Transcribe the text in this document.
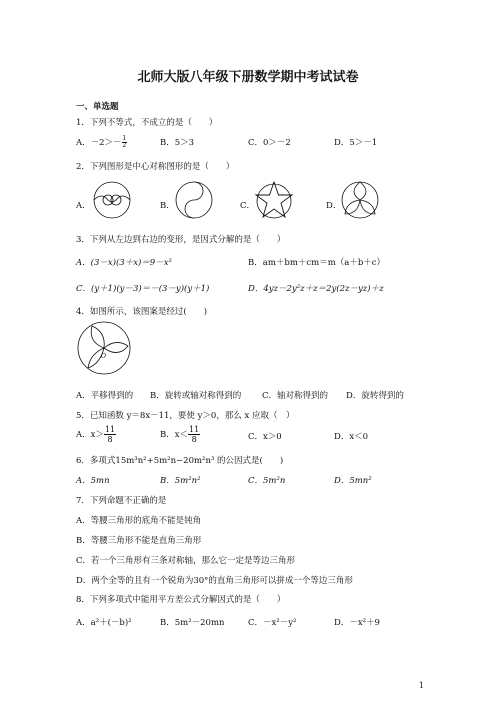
北师大版八年级下册数学期中考试试卷
一、单选题
1．下列不等式，不成立的是（　　）
A．$-2>- \frac{1}{2}$	B．5＞3	C．0＞－2	D．5＞－1
2．下列图形是中心对称图形的是（　　）
A．	B．	C．	D．
3．下列从左边到右边的变形，是因式分解的是（　　）
A．(3－x)(3＋x)＝9－x²	B．am＋bm＋cm＝m（a＋b＋c）
C．(y＋1)(y－3)＝－(3－y)(y＋1)	D．4yz－2y²z＋z＝2y(2z－yz)＋z
4．如图所示，该图案是经过(　　)
O
A．平移得到的 B．旋转或轴对称得到的 C．轴对称得到的 D．旋转得到的
5．已知函数 y＝8x－11，要使 y＞0，那么 x 应取（　）
A．$x> \frac{11}{8}$	B．$x< \frac{11}{8}$	C．x＞0	D．x＜0
6．多项式15m³n²+5m²n−20m²n³ 的公因式是(　　)
A．5mn	B．5m²n²	C．5m²n	D．5mn²
7．下列命题不正确的是
A．等腰三角形的底角不能是钝角
B．等腰三角形不能是直角三角形
C．若一个三角形有三条对称轴，那么它一定是等边三角形
D．两个全等的且有一个锐角为30°的直角三角形可以拼成一个等边三角形
8．下列多项式中能用平方差公式分解因式的是（　　）
A．a²＋(－b)²	B．5m²－20mn	C．－x²－y²	D．－x²＋9
1
